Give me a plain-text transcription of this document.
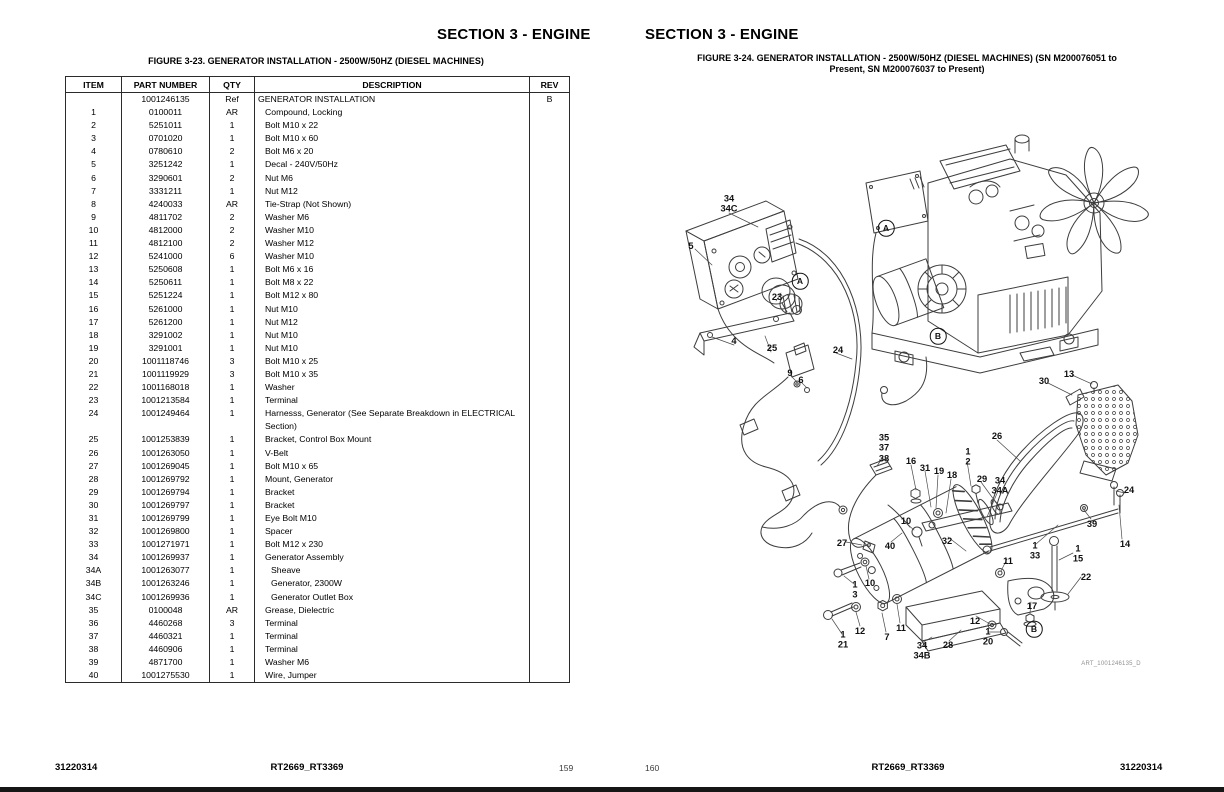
SECTION 3 - ENGINE
FIGURE 3-23. GENERATOR INSTALLATION - 2500W/50HZ (DIESEL MACHINES)
ITEM	PART NUMBER	QTY	DESCRIPTION	REV
	1001246135	Ref	GENERATOR INSTALLATION	B
1	0100011	AR	Compound, Locking	
2	5251011	1	Bolt M10 x 22	
3	0701020	1	Bolt M10 x 60	
4	0780610	2	Bolt M6 x 20	
5	3251242	1	Decal - 240V/50Hz	
6	3290601	2	Nut M6	
7	3331211	1	Nut M12	
8	4240033	AR	Tie-Strap (Not Shown)	
9	4811702	2	Washer M6	
10	4812000	2	Washer M10	
11	4812100	2	Washer M12	
12	5241000	6	Washer M10	
13	5250608	1	Bolt M6 x 16	
14	5250611	1	Bolt M8 x 22	
15	5251224	1	Bolt M12 x 80	
16	5261000	1	Nut M10	
17	5261200	1	Nut M12	
18	3291002	1	Nut M10	
19	3291001	1	Nut M10	
20	1001118746	3	Bolt M10 x 25	
21	1001119929	3	Bolt M10 x 35	
22	1001168018	1	Washer	
23	1001213584	1	Terminal	
24	1001249464	1	Harnesss, Generator (See Separate Breakdown in ELECTRICAL Section)	
25	1001253839	1	Bracket, Control Box Mount	
26	1001263050	1	V-Belt	
27	1001269045	1	Bolt M10 x 65	
28	1001269792	1	Mount, Generator	
29	1001269794	1	Bracket	
30	1001269797	1	Bracket	
31	1001269799	1	Eye Bolt M10	
32	1001269800	1	Spacer	
33	1001271971	1	Bolt M12 x 230	
34	1001269937	1	Generator Assembly	
34A	1001263077	1	Sheave	
34B	1001263246	1	Generator, 2300W	
34C	1001269936	1	Generator Outlet Box	
35	0100048	AR	Grease, Dielectric	
36	4460268	3	Terminal	
37	4460321	1	Terminal	
38	4460906	1	Terminal	
39	4871700	1	Washer M6	
40	1001275530	1	Wire, Jumper	
31220314	RT2669_RT3369	159
SECTION 3 - ENGINE
FIGURE 3-24. GENERATOR INSTALLATION - 2500W/50HZ (DIESEL MACHINES) (SN M200076051 to
Present, SN M200076037 to Present)
34
34C
5
A
23
4
25	24
9
6
A
B
30
13
24
39
14
35
37
38 16
31 19 18
1
2
29 34
34A
26
10
40
27	32
11
1
33
1
15
22
17
B
12
1
20
11
7
12
1
21
1
3
10
34
34B
28
ART_1001246135_D
160	RT2669_RT3369	31220314
